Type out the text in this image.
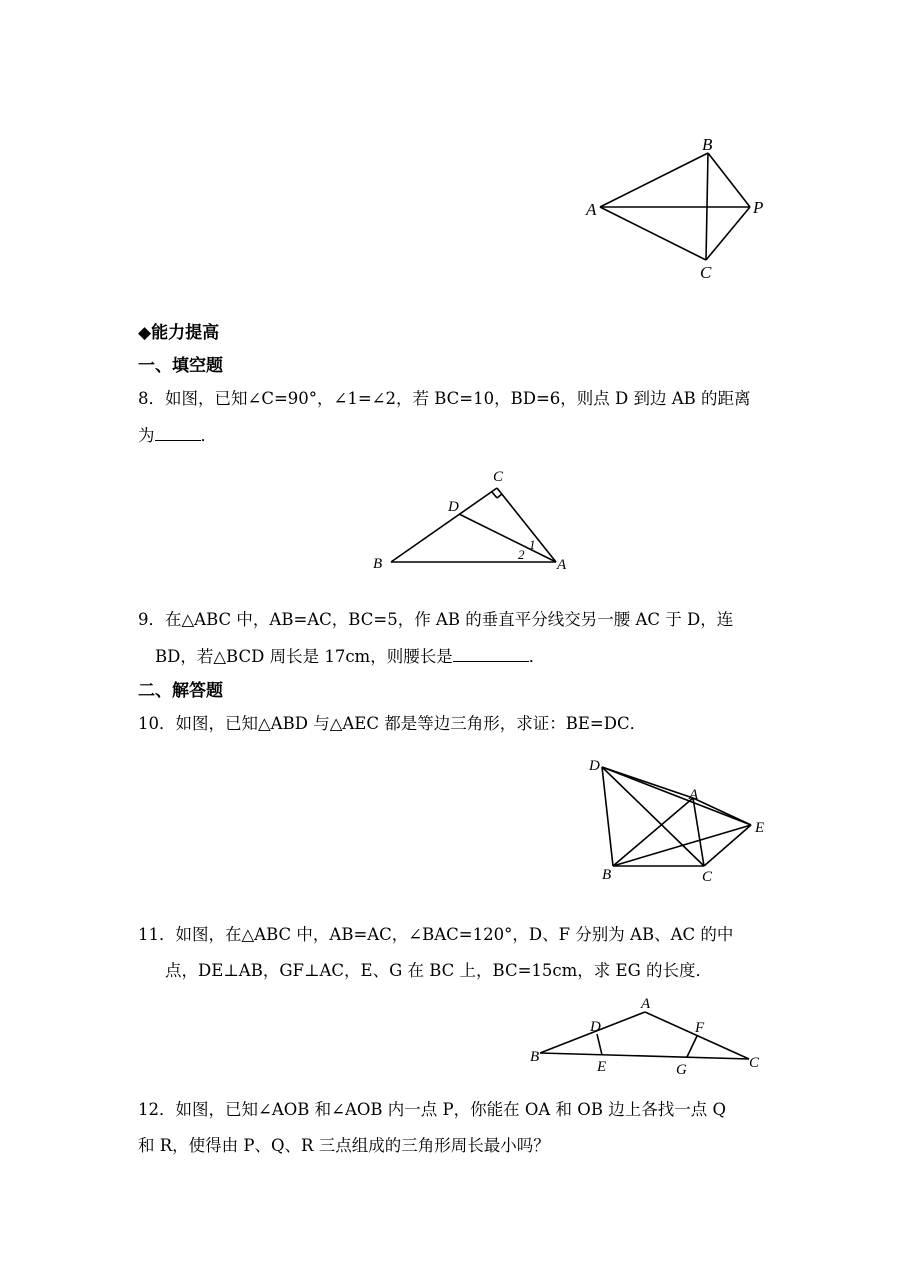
A
B
C
P
◆能力提高
一、填空题
8．如图，已知∠C=90°，∠1=∠2，若 BC=10，BD=6，则点 D 到边 AB 的距离
为	．
B
C
D
A
1
2
9．在△ABC 中，AB=AC，BC=5，作 AB 的垂直平分线交另一腰 AC 于 D，连
BD，若△BCD 周长是 17cm，则腰长是	．
二、解答题
10．如图，已知△ABD 与△AEC 都是等边三角形，求证：BE=DC．
D
A
E
B	C
11．如图，在△ABC 中，AB=AC，∠BAC=120°，D、F 分别为 AB、AC 的中
点，DE⊥AB，GF⊥AC，E、G 在 BC 上，BC=15cm，求 EG 的长度．
B
A
C
D
E
F
G
12．如图，已知∠AOB 和∠AOB 内一点 P，你能在 OA 和 OB 边上各找一点 Q
和 R，使得由 P、Q、R 三点组成的三角形周长最小吗？
